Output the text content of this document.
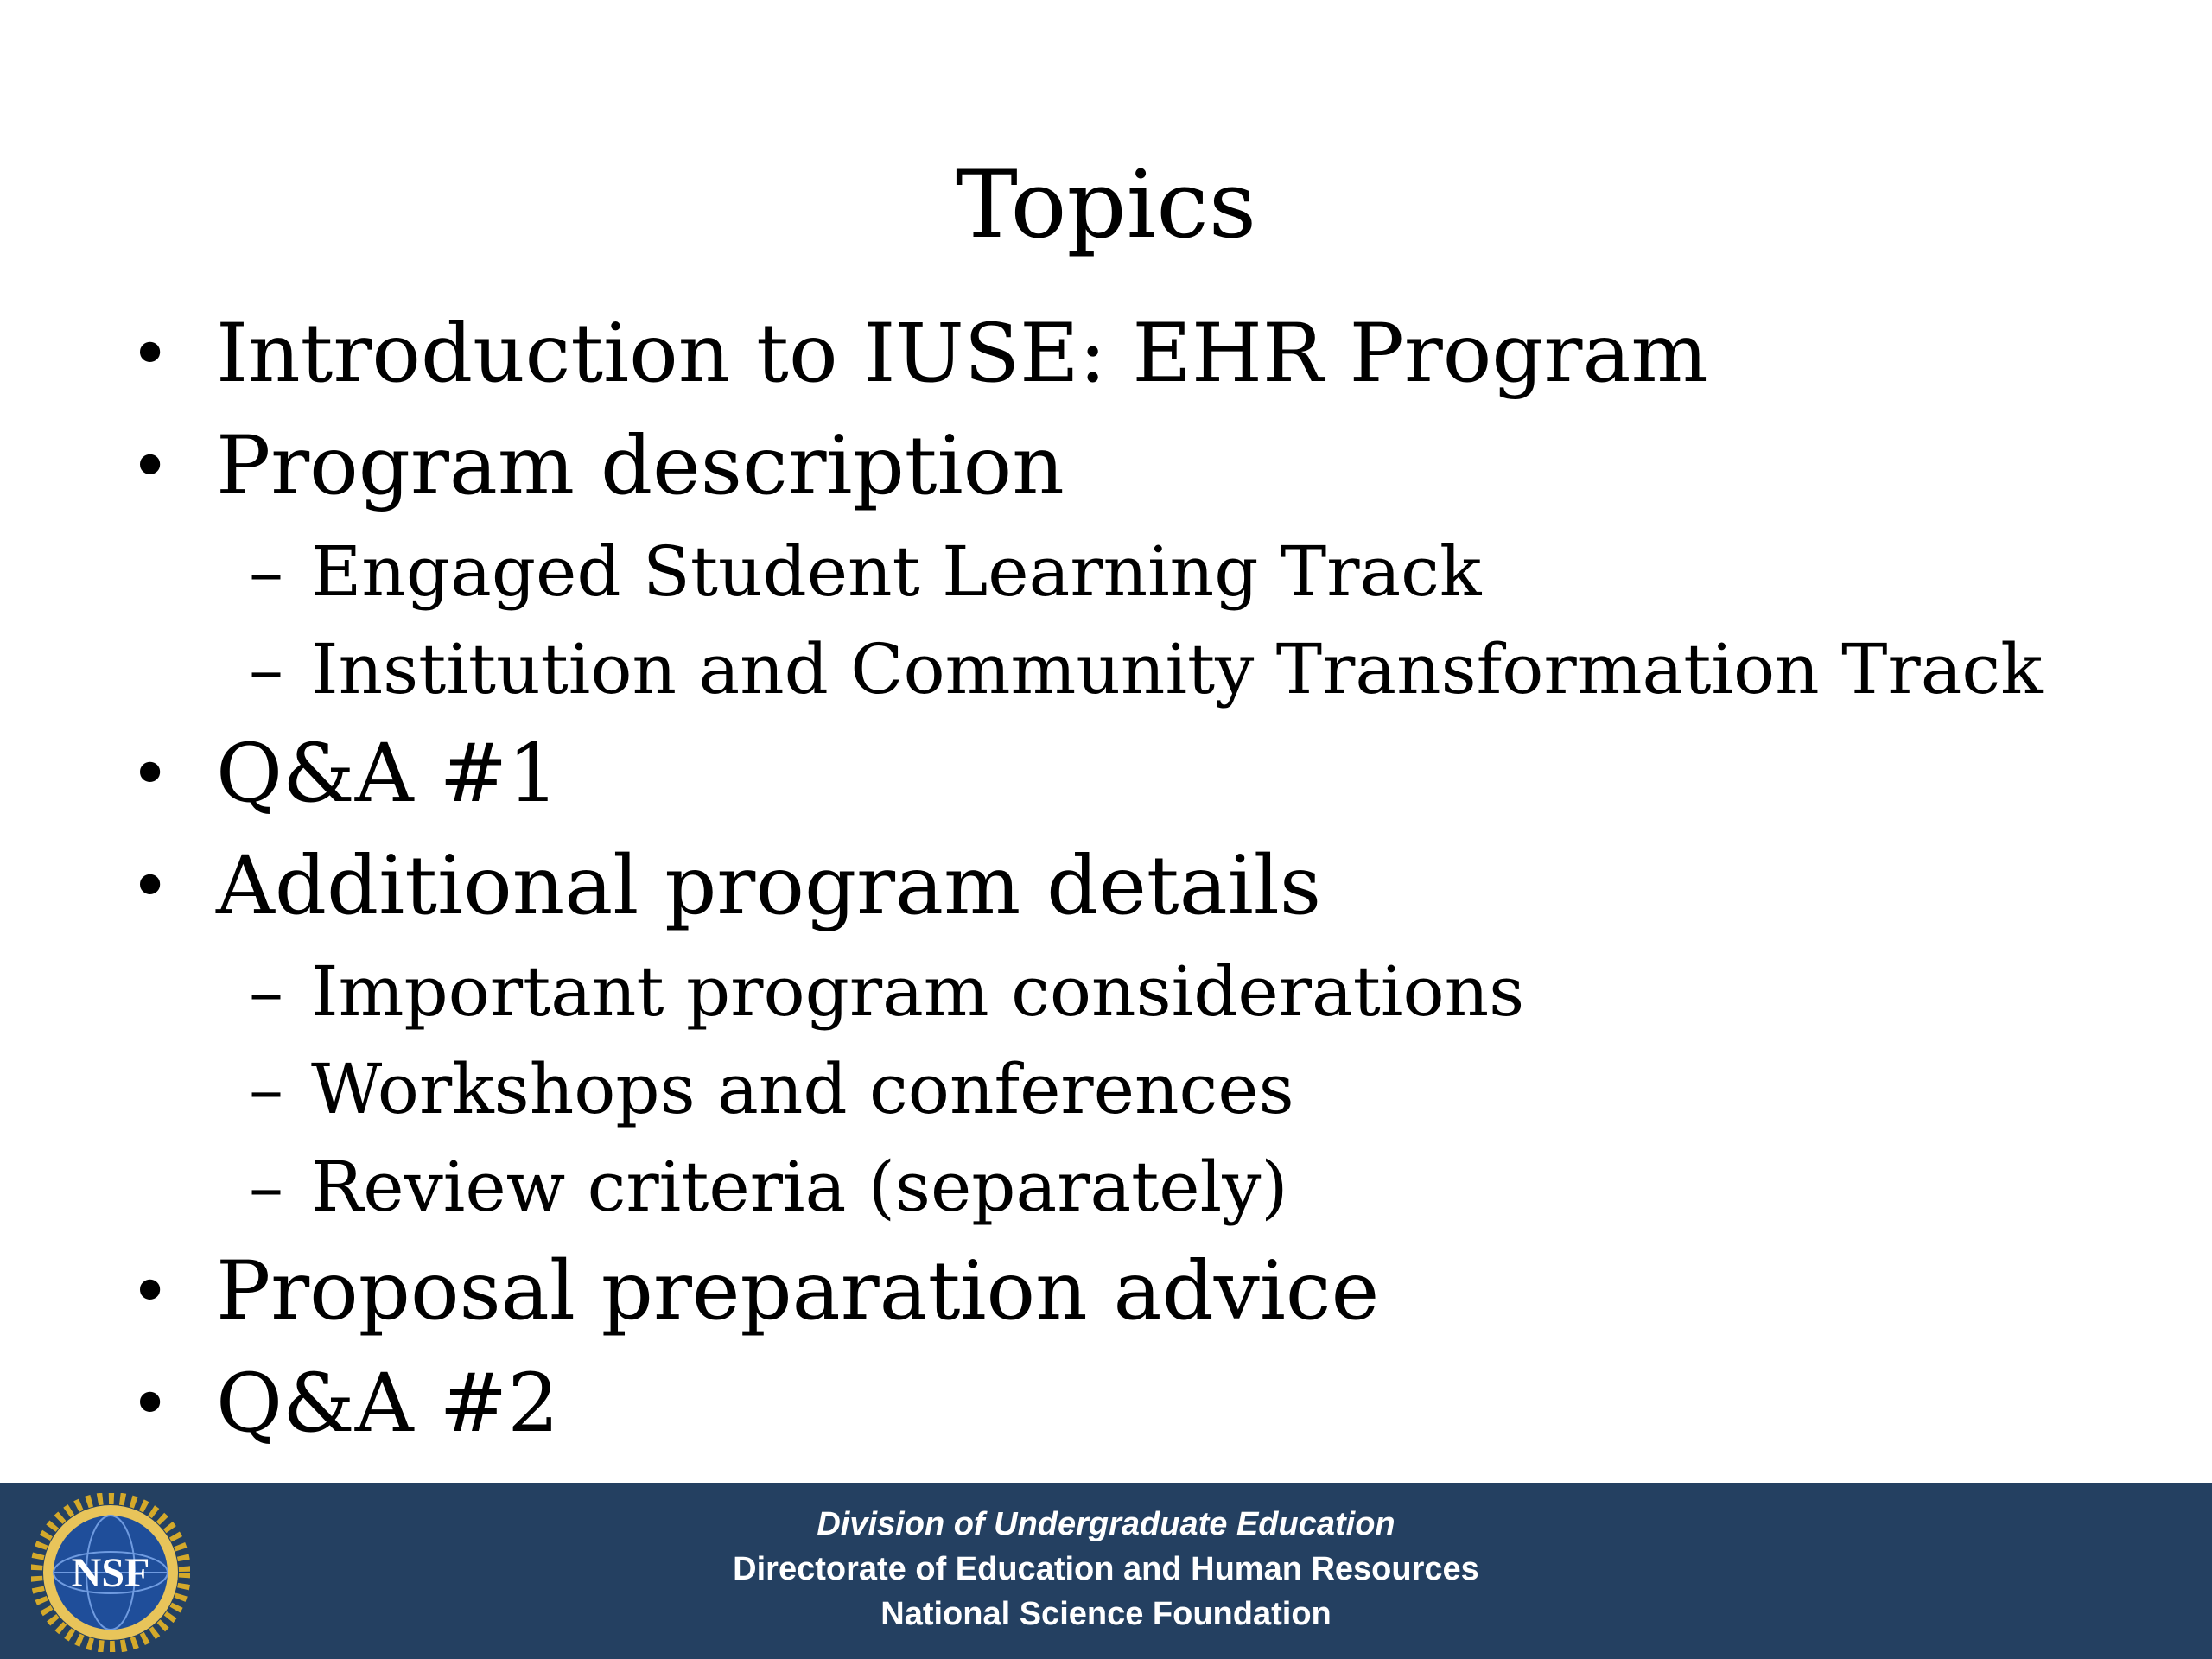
Topics
• Introduction to IUSE: EHR Program
• Program description
– Engaged Student Learning Track
– Institution and Community Transformation Track
• Q&A #1
• Additional program details
– Important program considerations
– Workshops and conferences
– Review criteria (separately)
• Proposal preparation advice
• Q&A #2
NSF
Division of Undergraduate Education
Directorate of Education and Human Resources
National Science Foundation
